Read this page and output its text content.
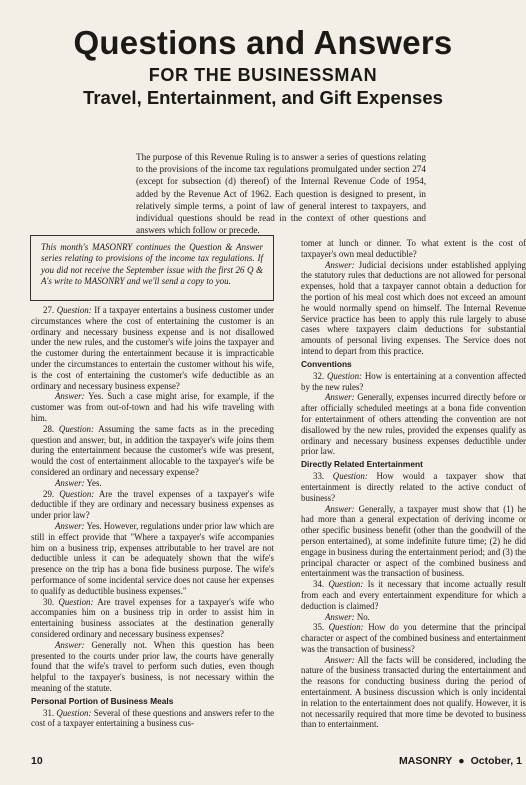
Questions and Answers
FOR THE BUSINESSMAN
Travel, Entertainment, and Gift Expenses
The purpose of this Revenue Ruling is to answer a series of questions relating to the provisions of the income tax regulations promulgated under section 274 (except for subsection (d) thereof) of the Internal Revenue Code of 1954, added by the Revenue Act of 1962. Each question is designed to present, in relatively simple terms, a point of law of general interest to taxpayers, and individual questions should be read in the context of other questions and answers which follow or precede.
This month's MASONRY continues the Question & Answer series relating to provisions of the income tax regulations. If you did not receive the September issue with the first 26 Q & A's write to MASONRY and we'll send a copy to you.

27. Question: If a taxpayer entertains a business customer under circumstances where the cost of entertaining the customer is an ordinary and necessary business expense and is not disallowed under the new rules, and the customer's wife joins the taxpayer and the customer during the entertainment because it is impracticable under the circumstances to entertain the customer without his wife, is the cost of entertaining the customer's wife deductible as an ordinary and necessary business expense?

Answer: Yes. Such a case might arise, for example, if the customer was from out-of-town and had his wife traveling with him.

28. Question: Assuming the same facts as in the preceding question and answer, but, in addition the taxpayer's wife joins them during the entertainment because the customer's wife was present, would the cost of entertainment allocable to the taxpayer's wife be considered an ordinary and necessary expense?

Answer: Yes.

29. Question: Are the travel expenses of a taxpayer's wife deductible if they are ordinary and necessary business expenses as under prior law?

Answer: Yes. However, regulations under prior law which are still in effect provide that "Where a taxpayer's wife accompanies him on a business trip, expenses attributable to her travel are not deductible unless it can be adequately shown that the wife's presence on the trip has a bona fide business purpose. The wife's performance of some incidental service does not cause her expenses to qualify as deductible business expenses."

30. Question: Are travel expenses for a taxpayer's wife who accompanies him on a business trip in order to assist him in entertaining business associates at the destination generally considered ordinary and necessary business expenses?

Answer: Generally not. When this question has been presented to the courts under prior law, the courts have generally found that the wife's travel to perform such duties, even though helpful to the taxpayer's business, is not necessary within the meaning of the statute.

Personal Portion of Business Meals

31. Question: Several of these questions and answers refer to the cost of a taxpayer entertaining a business cus-

tomer at lunch or dinner. To what extent is the cost of taxpayer's own meal deductible?

Answer: Judicial decisions under established applying the statutory rules that deductions are not allowed for personal expenses, hold that a taxpayer cannot obtain a deduction for the portion of his meal cost which does not exceed an amount he would normally spend on himself. The Internal Revenue Service practice has been to apply this rule largely to abuse cases where taxpayers claim deductions for substantial amounts of personal living expenses. The Service does not intend to depart from this practice.

Conventions

32. Question: How is entertaining at a convention affected by the new rules?

Answer: Generally, expenses incurred directly before or after officially scheduled meetings at a bona fide convention for entertainment of others attending the convention are not disallowed by the new rules, provided the expenses qualify as ordinary and necessary business expenses deductible under prior law.

Directly Related Entertainment

33. Question: How would a taxpayer show that entertainment is directly related to the active conduct of business?

Answer: Generally, a taxpayer must show that (1) he had more than a general expectation of deriving income or other specific business benefit (other than the goodwill of the person entertained), at some indefinite future time; (2) he did engage in business during the entertainment period; and (3) the principal character or aspect of the combined business and entertainment was the transaction of business.

34. Question: Is it necessary that income actually result from each and every entertainment expenditure for which a deduction is claimed?

Answer: No.

35. Question: How do you determine that the principal character or aspect of the combined business and entertainment was the transaction of business?

Answer: All the facts will be considered, including the nature of the business transacted during the entertainment and the reasons for conducting business during the period of entertainment. A business discussion which is only incidental in relation to the entertainment does not qualify. However, it is not necessarily required that more time be devoted to business than to entertainment.

10	MASONRY ● October, 1
